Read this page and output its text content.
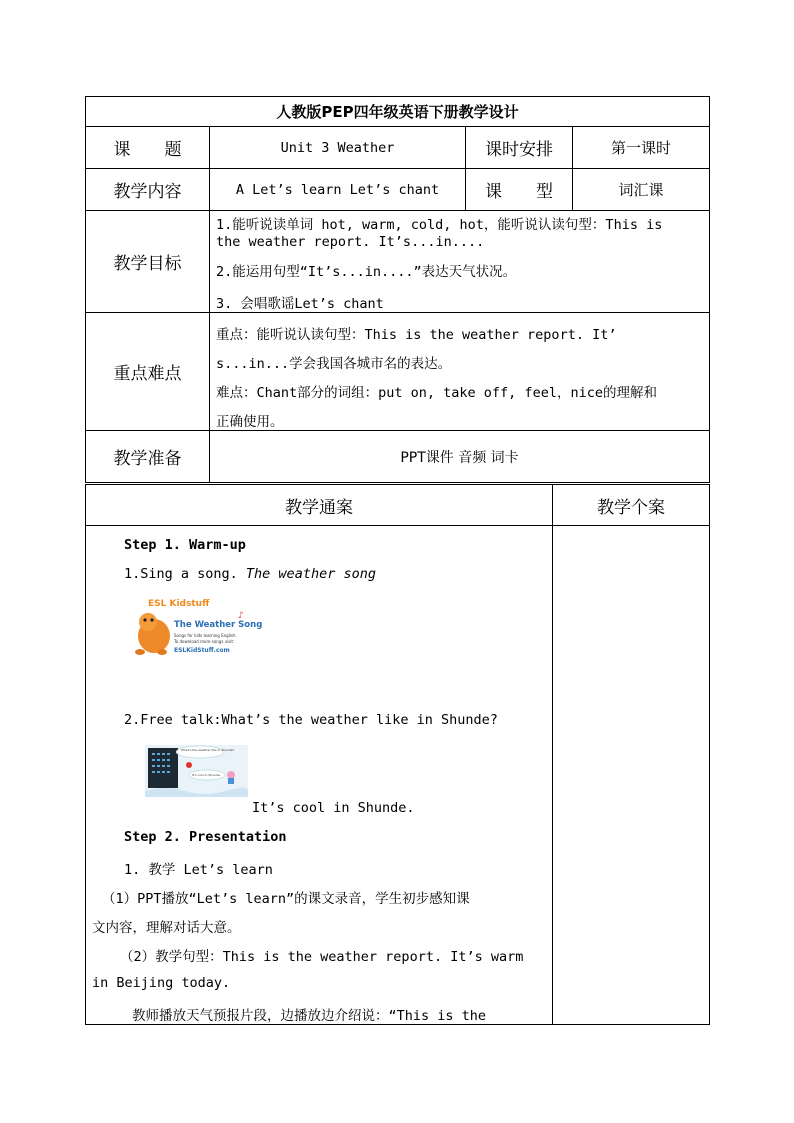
人教版PEP四年级英语下册教学设计			
课　　题	Unit 3 Weather	课时安排	第一课时
教学内容	A Let’s learn Let’s chant	课　　型	词汇课
教学目标	1.能听说读单词 hot, warm, cold, hot，能听说认读句型：This is
the weather report. It’s...in....
2.能运用句型“It’s...in....”表达天气状况。
3. 会唱歌谣Let’s chant		

重点难点	重点：能听说认读句型：This is the weather report. It’
s...in...学会我国各城市名的表达。
难点：Chant部分的词组：put on, take off, feel，nice的理解和
正确使用。		

教学准备	PPT课件 音频 词卡		
教学通案	教学个案

Step 1. Warm-up
1.Sing a song. The weather song
ESL Kidstuff
The Weather Song
Songs for kids learning English
To download more songs visit:
ESLKidStuff.com
♪
2.Free talk:What’s the weather like in Shunde?
What’s the weather like in Shunde?
It’s cool in Shunde.
It’s cool in Shunde.
Step 2. Presentation
1. 教学 Let’s learn
（1）PPT播放“Let’s learn”的课文录音，学生初步感知课
文内容，理解对话大意。
（2）教学句型：This is the weather report. It’s warm
in Beijing today.
教师播放天气预报片段，边播放边介绍说：“This is the
